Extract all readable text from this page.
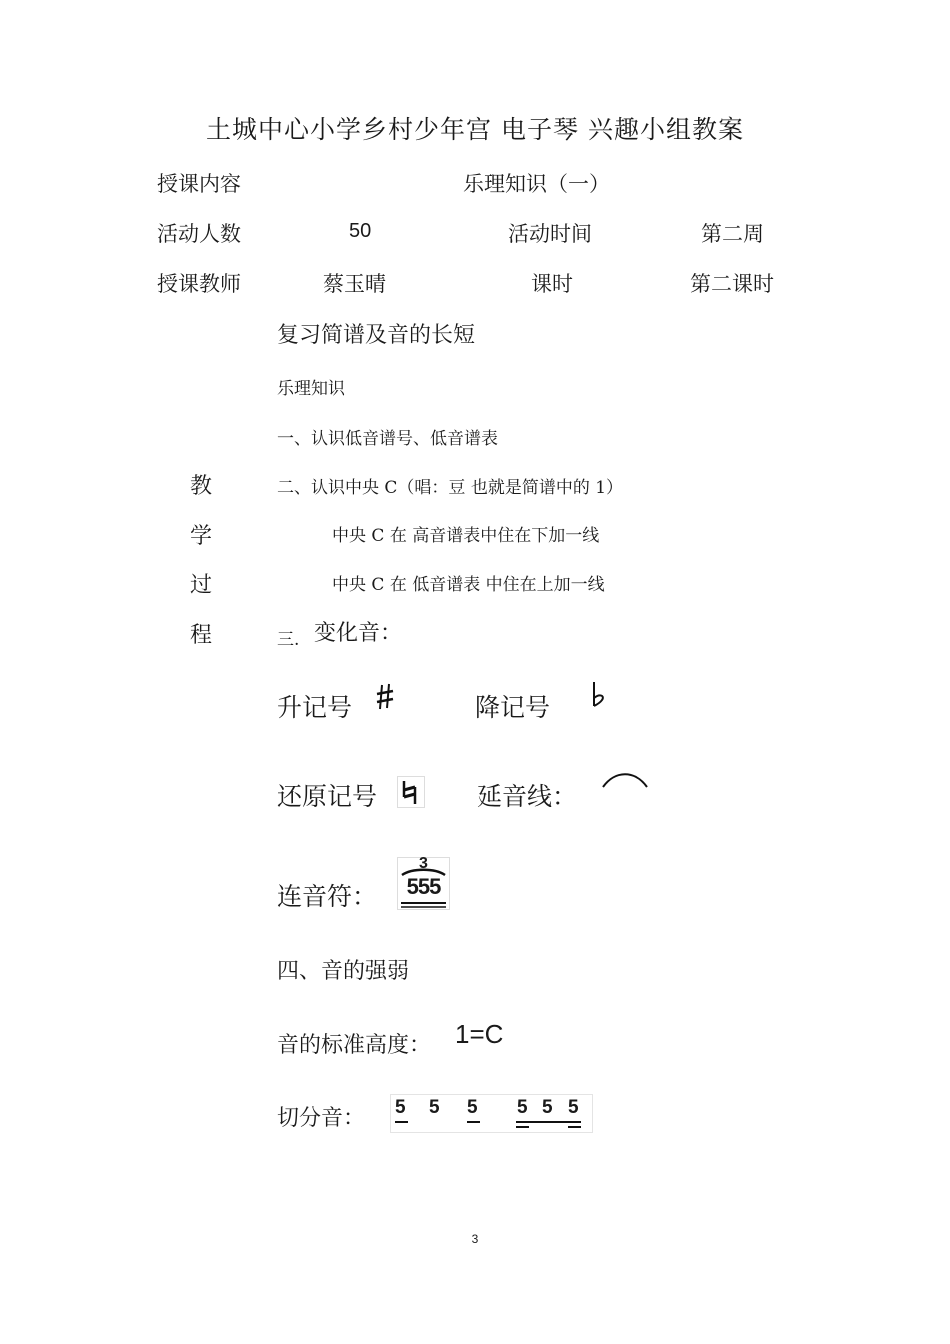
土城中心小学乡村少年宫 电子琴 兴趣小组教案
授课内容	乐理知识（一）
活动人数	50	活动时间	第二周
授课教师	蔡玉晴	课时	第二课时
教
学
过
程
复习简谱及音的长短
乐理知识
一、认识低音谱号、低音谱表
二、认识中央 C（唱：豆 也就是简谱中的 1）
中央 C 在 高音谱表中住在下加一线
中央 C 在 低音谱表 中住在上加一线
三. 变化音：
升记号	降记号
还原记号	延音线：
连音符：
3
555
四、音的强弱
音的标准高度： 1=C
切分音： 5 5 5 5 5 5
3
